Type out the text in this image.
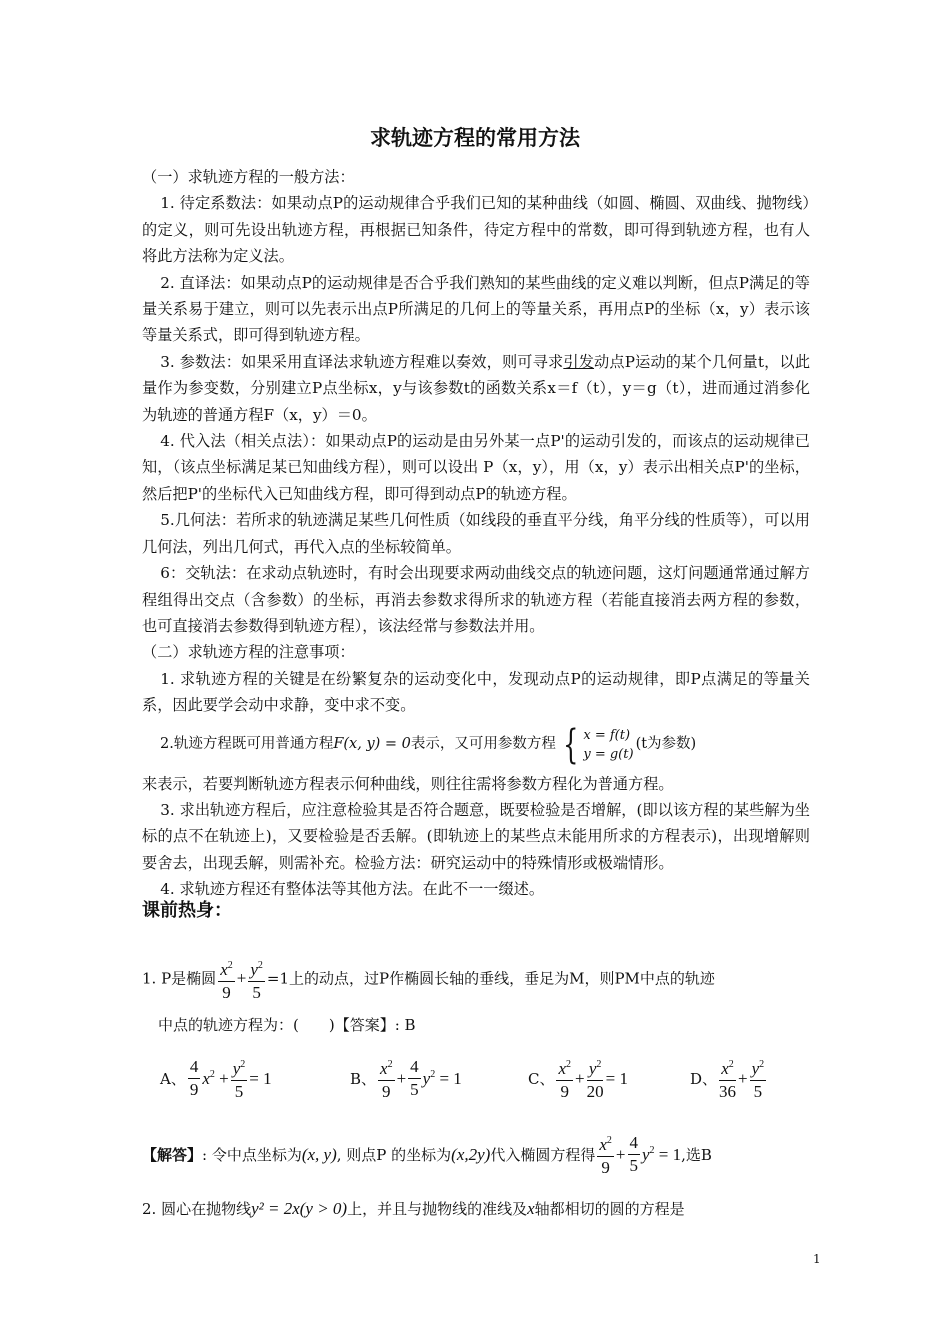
求轨迹方程的常用方法

（一）求轨迹方程的一般方法：

1. 待定系数法：如果动点P的运动规律合乎我们已知的某种曲线（如圆、椭圆、双曲线、抛物线）的定义，则可先设出轨迹方程，再根据已知条件，待定方程中的常数，即可得到轨迹方程，也有人将此方法称为定义法。

2. 直译法：如果动点P的运动规律是否合乎我们熟知的某些曲线的定义难以判断，但点P满足的等量关系易于建立，则可以先表示出点P所满足的几何上的等量关系，再用点P的坐标（x，y）表示该等量关系式，即可得到轨迹方程。

3. 参数法：如果采用直译法求轨迹方程难以奏效，则可寻求引发动点P运动的某个几何量t，以此量作为参变数，分别建立P点坐标x，y与该参数t的函数关系x＝f（t），y＝g（t），进而通过消参化为轨迹的普通方程F（x，y）＝0。

4. 代入法（相关点法）：如果动点P的运动是由另外某一点P'的运动引发的，而该点的运动规律已知，（该点坐标满足某已知曲线方程），则可以设出 P（x，y），用（x，y）表示出相关点P'的坐标，然后把P'的坐标代入已知曲线方程，即可得到动点P的轨迹方程。

5.几何法：若所求的轨迹满足某些几何性质（如线段的垂直平分线，角平分线的性质等），可以用几何法，列出几何式，再代入点的坐标较简单。

6：交轨法：在求动点轨迹时，有时会出现要求两动曲线交点的轨迹问题，这灯问题通常通过解方程组得出交点（含参数）的坐标，再消去参数求得所求的轨迹方程（若能直接消去两方程的参数，也可直接消去参数得到轨迹方程），该法经常与参数法并用。

（二）求轨迹方程的注意事项：

1. 求轨迹方程的关键是在纷繁复杂的运动变化中，发现动点P的运动规律，即P点满足的等量关系，因此要学会动中求静，变中求不变。

2.轨迹方程既可用普通方程 F(x, y) = 0 表示，又可用参数方程 { x = f(t)
y = g(t)
(t为参数)

来表示，若要判断轨迹方程表示何种曲线，则往往需将参数方程化为普通方程。

3. 求出轨迹方程后，应注意检验其是否符合题意，既要检验是否增解，(即以该方程的某些解为坐标的点不在轨迹上)，又要检验是否丢解。(即轨迹上的某些点未能用所求的方程表示)，出现增解则要舍去，出现丢解，则需补充。检验方法：研究运动中的特殊情形或极端情形。

4. 求轨迹方程还有整体法等其他方法。在此不一一缀述。

课前热身：
1. P是椭圆 $\frac{x^2}{9} + \frac{y^2}{5} =1$上的动点，过P作椭圆长轴的垂线，垂足为M，则PM中点的轨迹
中点的轨迹方程为：(　　)【答案】: B
A、 $\frac{4}{9} x^2 + \frac{y^2}{5} = 1$	B、 $\frac{x^2}{9} + \frac{4}{5} y^2 = 1$	C、 $\frac{x^2}{9} + \frac{y^2}{20} = 1$	D、 $\frac{x^2}{36} + \frac{y^2}{5}$
【解答】 : 令中点坐标为 (x, y) , 则点P 的坐标为 (x,2y) 代入椭圆方程得 $\frac{x^2}{9} + \frac{4}{5} y^2 = 1$ ,选B
2. 圆心在抛物线 y² = 2x(y > 0) 上，并且与抛物线的准线及 x 轴都相切的圆的方程是
1
